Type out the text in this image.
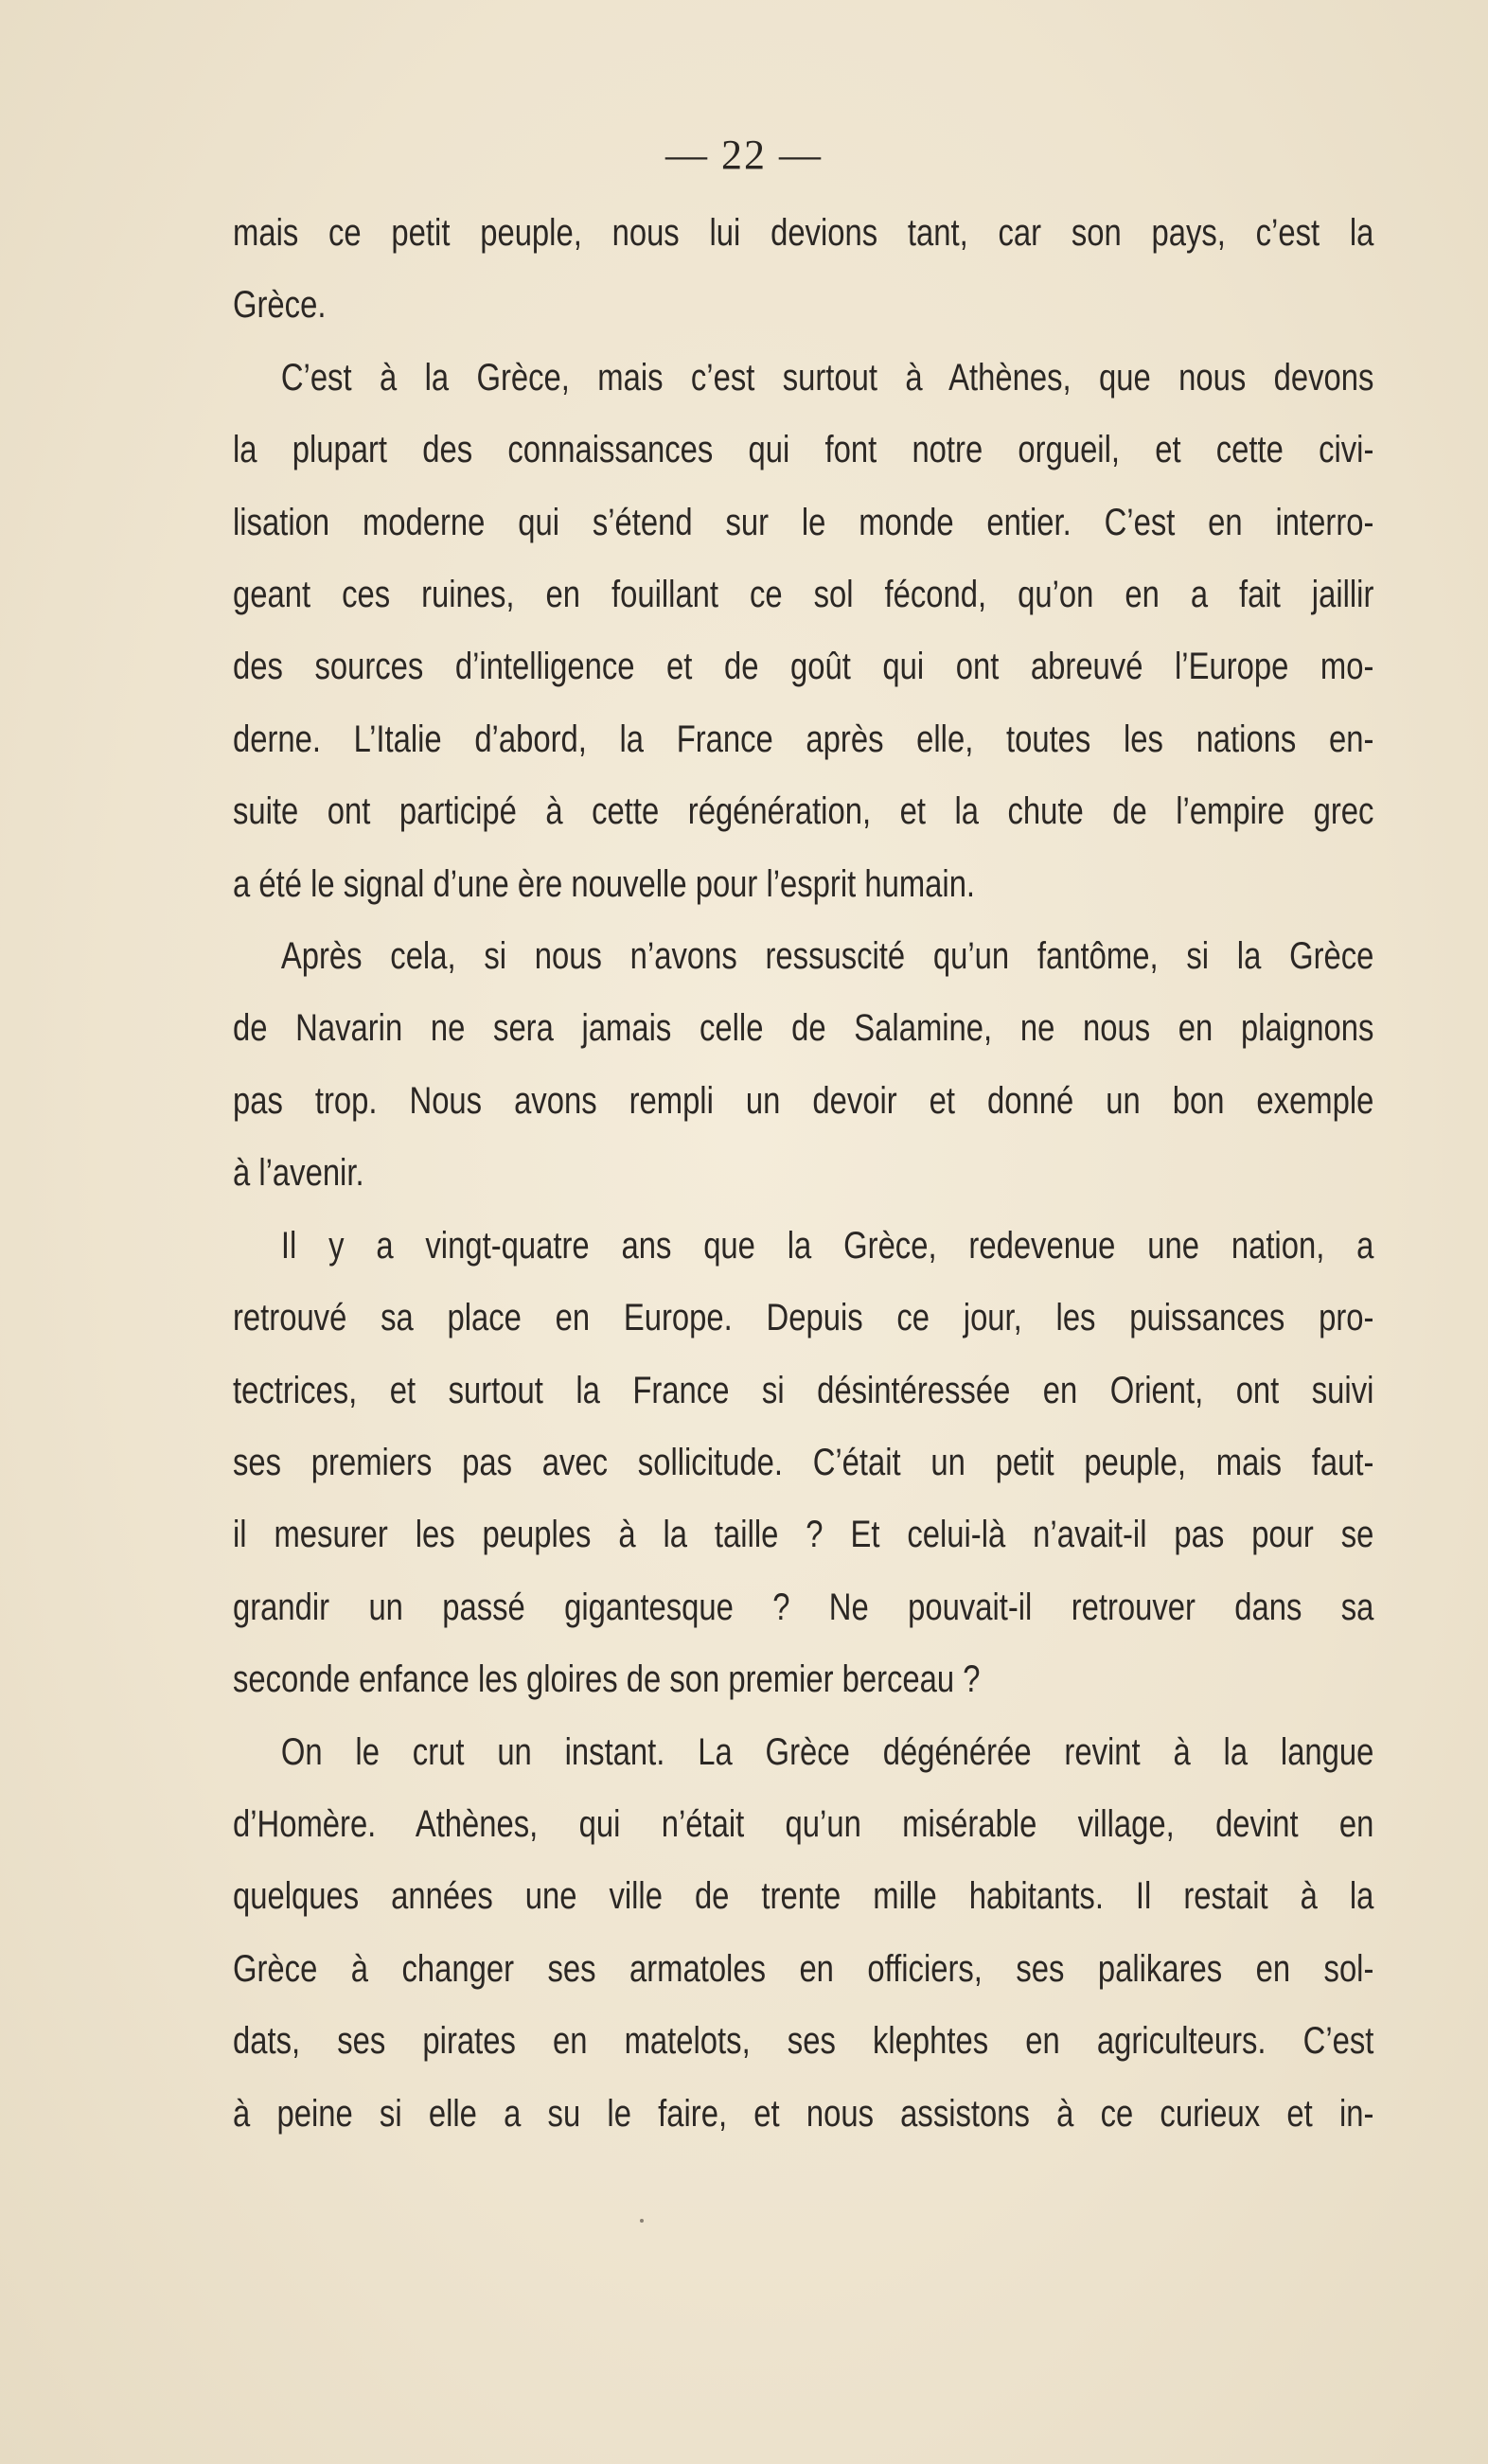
— 22 —
mais ce petit peuple, nous lui devions tant, car son pays, c’est la
Grèce.
C’est à la Grèce, mais c’est surtout à Athènes, que nous devons
la plupart des connaissances qui font notre orgueil, et cette civi-
lisation moderne qui s’étend sur le monde entier. C’est en interro-
geant ces ruines, en fouillant ce sol fécond, qu’on en a fait jaillir
des sources d’intelligence et de goût qui ont abreuvé l’Europe mo-
derne. L’Italie d’abord, la France après elle, toutes les nations en-
suite ont participé à cette régénération, et la chute de l’empire grec
a été le signal d’une ère nouvelle pour l’esprit humain.
Après cela, si nous n’avons ressuscité qu’un fantôme, si la Grèce
de Navarin ne sera jamais celle de Salamine, ne nous en plaignons
pas trop. Nous avons rempli un devoir et donné un bon exemple
à l’avenir.
Il y a vingt-quatre ans que la Grèce, redevenue une nation, a
retrouvé sa place en Europe. Depuis ce jour, les puissances pro-
tectrices, et surtout la France si désintéressée en Orient, ont suivi
ses premiers pas avec sollicitude. C’était un petit peuple, mais faut-
il mesurer les peuples à la taille ? Et celui-là n’avait-il pas pour se
grandir un passé gigantesque ? Ne pouvait-il retrouver dans sa
seconde enfance les gloires de son premier berceau ?
On le crut un instant. La Grèce dégénérée revint à la langue
d’Homère. Athènes, qui n’était qu’un misérable village, devint en
quelques années une ville de trente mille habitants. Il restait à la
Grèce à changer ses armatoles en officiers, ses palikares en sol-
dats, ses pirates en matelots, ses klephtes en agriculteurs. C’est
à peine si elle a su le faire, et nous assistons à ce curieux et in-
